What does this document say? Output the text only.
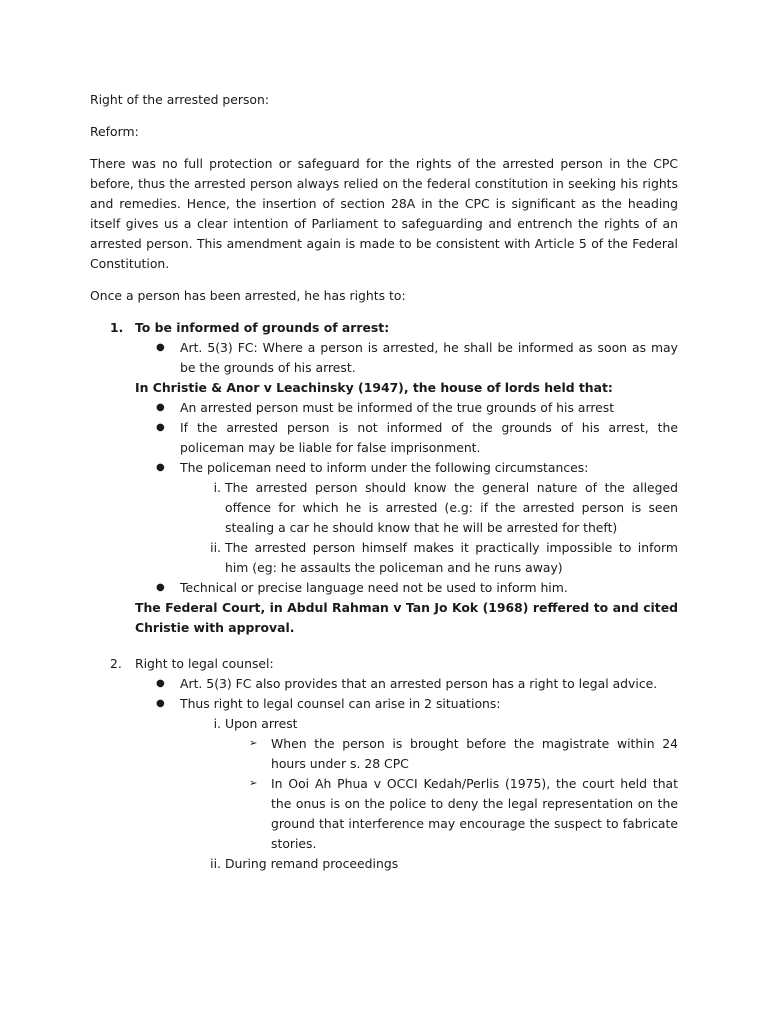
Right of the arrested person:

Reform:

There was no full protection or safeguard for the rights of the arrested person in the CPC before, thus the arrested person always relied on the federal constitution in seeking his rights and remedies. Hence, the insertion of section 28A in the CPC is significant as the heading itself gives us a clear intention of Parliament to safeguarding and entrench the rights of an arrested person. This amendment again is made to be consistent with Article 5 of the Federal Constitution.

Once a person has been arrested, he has rights to:

1. To be informed of grounds of arrest:
● Art. 5(3) FC: Where a person is arrested, he shall be informed as soon as may be the grounds of his arrest.

In Christie & Anor v Leachinsky (1947), the house of lords held that:

● An arrested person must be informed of the true grounds of his arrest
● If the arrested person is not informed of the grounds of his arrest, the policeman may be liable for false imprisonment.
● The policeman need to inform under the following circumstances:
i. The arrested person should know the general nature of the alleged offence for which he is arrested (e.g: if the arrested person is seen stealing a car he should know that he will be arrested for theft)
ii. The arrested person himself makes it practically impossible to inform him (eg: he assaults the policeman and he runs away)
● Technical or precise language need not be used to inform him.

The Federal Court, in Abdul Rahman v Tan Jo Kok (1968) reffered to and cited Christie with approval.

2. Right to legal counsel:
● Art. 5(3) FC also provides that an arrested person has a right to legal advice.
● Thus right to legal counsel can arise in 2 situations:
i. Upon arrest
➢ When the person is brought before the magistrate within 24 hours under s. 28 CPC
➢ In Ooi Ah Phua v OCCI Kedah/Perlis (1975), the court held that the onus is on the police to deny the legal representation on the ground that interference may encourage the suspect to fabricate stories.
ii. During remand proceedings
